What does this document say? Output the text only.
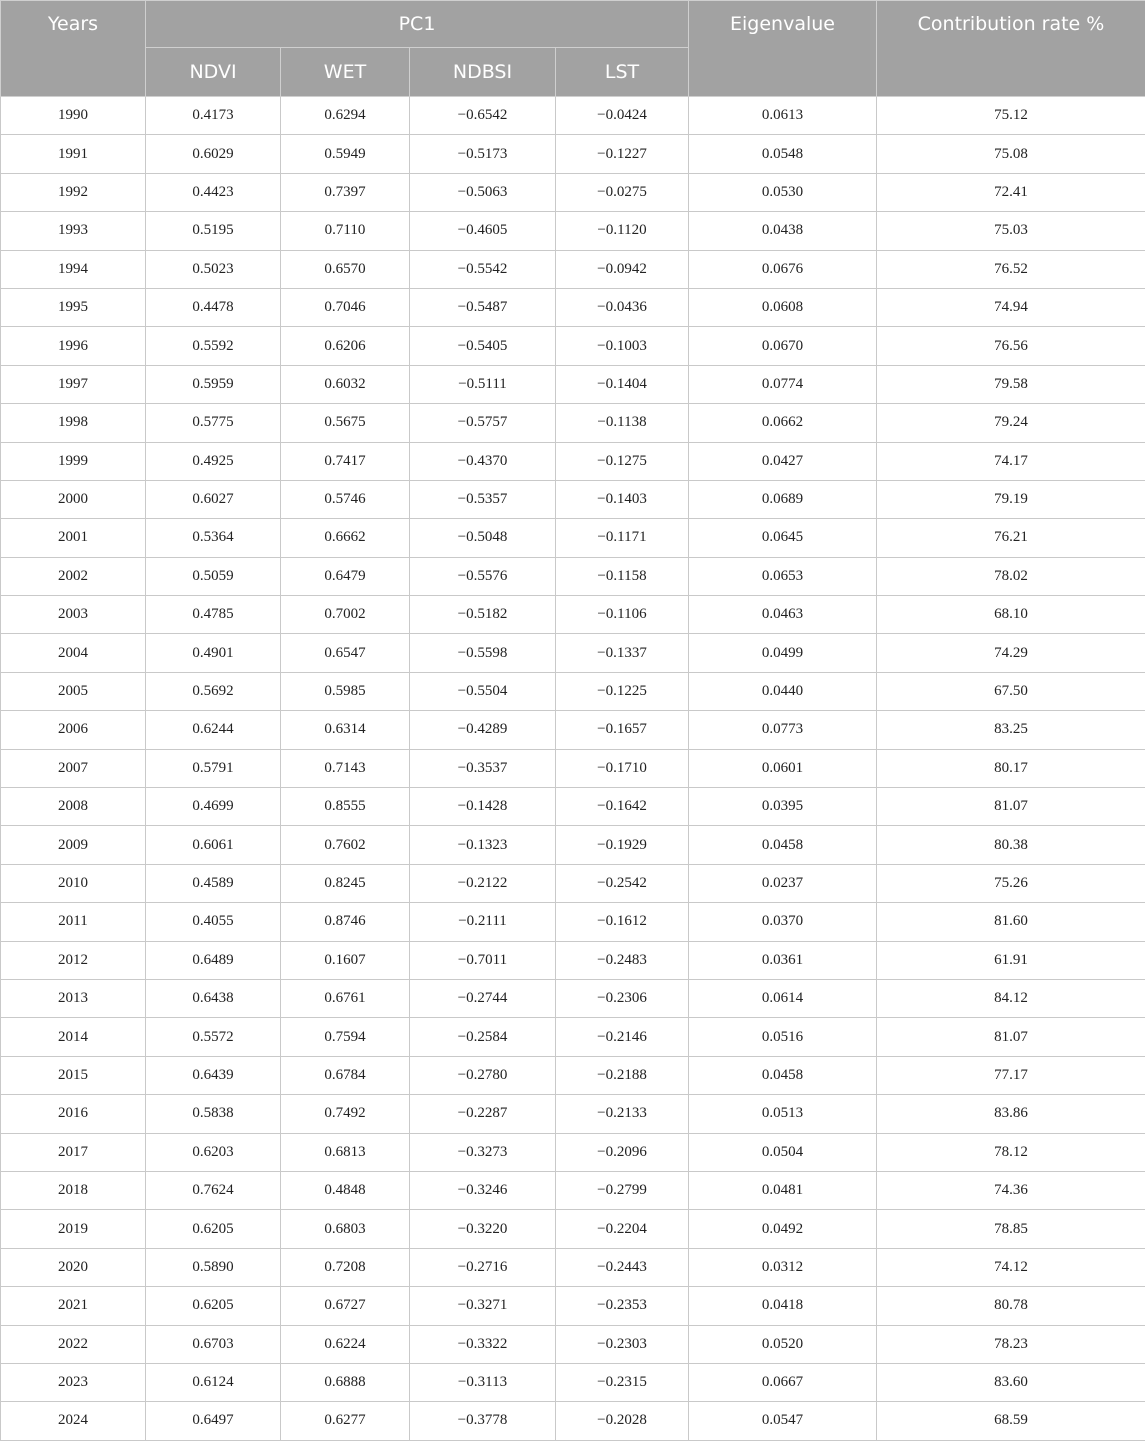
Years	PC1				Eigenvalue	Contribution rate %
	NDVI	WET	NDBSI	LST		
1990	0.4173	0.6294	−0.6542	−0.0424	0.0613	75.12
1991	0.6029	0.5949	−0.5173	−0.1227	0.0548	75.08
1992	0.4423	0.7397	−0.5063	−0.0275	0.0530	72.41
1993	0.5195	0.7110	−0.4605	−0.1120	0.0438	75.03
1994	0.5023	0.6570	−0.5542	−0.0942	0.0676	76.52
1995	0.4478	0.7046	−0.5487	−0.0436	0.0608	74.94
1996	0.5592	0.6206	−0.5405	−0.1003	0.0670	76.56
1997	0.5959	0.6032	−0.5111	−0.1404	0.0774	79.58
1998	0.5775	0.5675	−0.5757	−0.1138	0.0662	79.24
1999	0.4925	0.7417	−0.4370	−0.1275	0.0427	74.17
2000	0.6027	0.5746	−0.5357	−0.1403	0.0689	79.19
2001	0.5364	0.6662	−0.5048	−0.1171	0.0645	76.21
2002	0.5059	0.6479	−0.5576	−0.1158	0.0653	78.02
2003	0.4785	0.7002	−0.5182	−0.1106	0.0463	68.10
2004	0.4901	0.6547	−0.5598	−0.1337	0.0499	74.29
2005	0.5692	0.5985	−0.5504	−0.1225	0.0440	67.50
2006	0.6244	0.6314	−0.4289	−0.1657	0.0773	83.25
2007	0.5791	0.7143	−0.3537	−0.1710	0.0601	80.17
2008	0.4699	0.8555	−0.1428	−0.1642	0.0395	81.07
2009	0.6061	0.7602	−0.1323	−0.1929	0.0458	80.38
2010	0.4589	0.8245	−0.2122	−0.2542	0.0237	75.26
2011	0.4055	0.8746	−0.2111	−0.1612	0.0370	81.60
2012	0.6489	0.1607	−0.7011	−0.2483	0.0361	61.91
2013	0.6438	0.6761	−0.2744	−0.2306	0.0614	84.12
2014	0.5572	0.7594	−0.2584	−0.2146	0.0516	81.07
2015	0.6439	0.6784	−0.2780	−0.2188	0.0458	77.17
2016	0.5838	0.7492	−0.2287	−0.2133	0.0513	83.86
2017	0.6203	0.6813	−0.3273	−0.2096	0.0504	78.12
2018	0.7624	0.4848	−0.3246	−0.2799	0.0481	74.36
2019	0.6205	0.6803	−0.3220	−0.2204	0.0492	78.85
2020	0.5890	0.7208	−0.2716	−0.2443	0.0312	74.12
2021	0.6205	0.6727	−0.3271	−0.2353	0.0418	80.78
2022	0.6703	0.6224	−0.3322	−0.2303	0.0520	78.23
2023	0.6124	0.6888	−0.3113	−0.2315	0.0667	83.60
2024	0.6497	0.6277	−0.3778	−0.2028	0.0547	68.59
